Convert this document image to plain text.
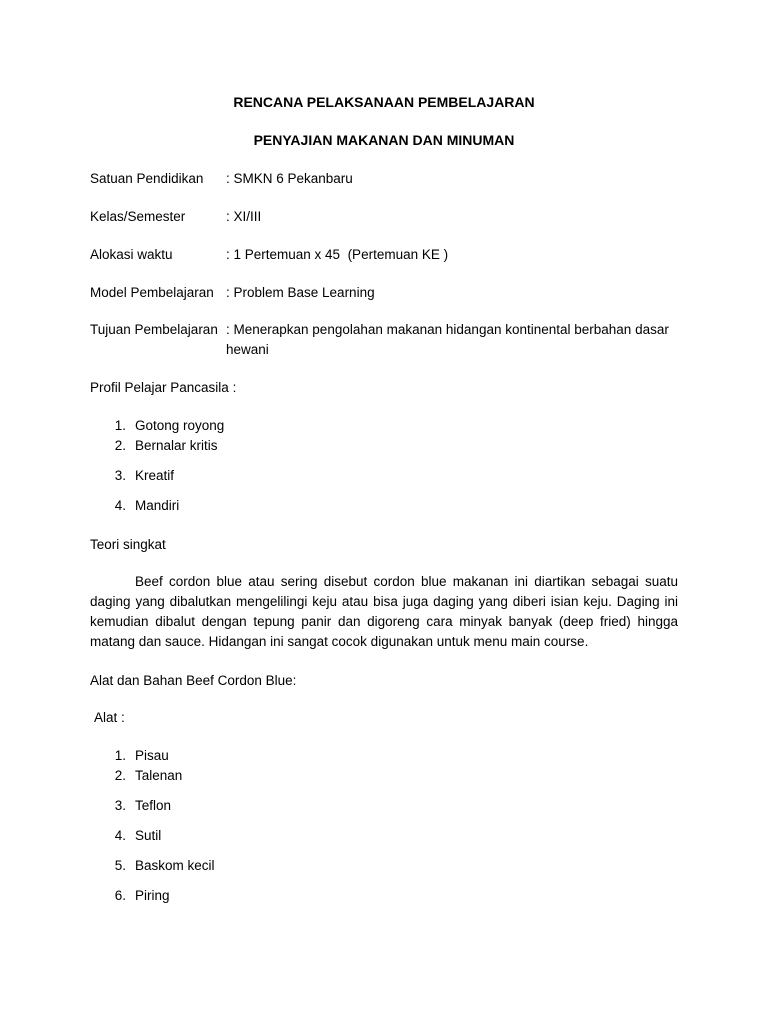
RENCANA PELAKSANAAN PEMBELAJARAN
PENYAJIAN MAKANAN DAN MINUMAN
Satuan Pendidikan : SMKN 6 Pekanbaru
Kelas/Semester	: XI/III
Alokasi waktu	: 1 Pertemuan x 45  (Pertemuan KE )
Model Pembelajaran : Problem Base Learning
Tujuan Pembelajaran : Menerapkan pengolahan makanan hidangan kontinental berbahan dasar
hewani
Profil Pelajar Pancasila :
1. Gotong royong
2. Bernalar kritis
3. Kreatif
4. Mandiri
Teori singkat
Beef cordon blue atau sering disebut cordon blue makanan ini diartikan sebagai suatu daging yang dibalutkan mengelilingi keju atau bisa juga daging yang diberi isian keju. Daging ini kemudian dibalut dengan tepung panir dan digoreng cara minyak banyak (deep fried) hingga matang dan sauce. Hidangan ini sangat cocok digunakan untuk menu main course.
Alat dan Bahan Beef Cordon Blue:
Alat :
1. Pisau
2. Talenan
3. Teflon
4. Sutil
5. Baskom kecil
6. Piring
